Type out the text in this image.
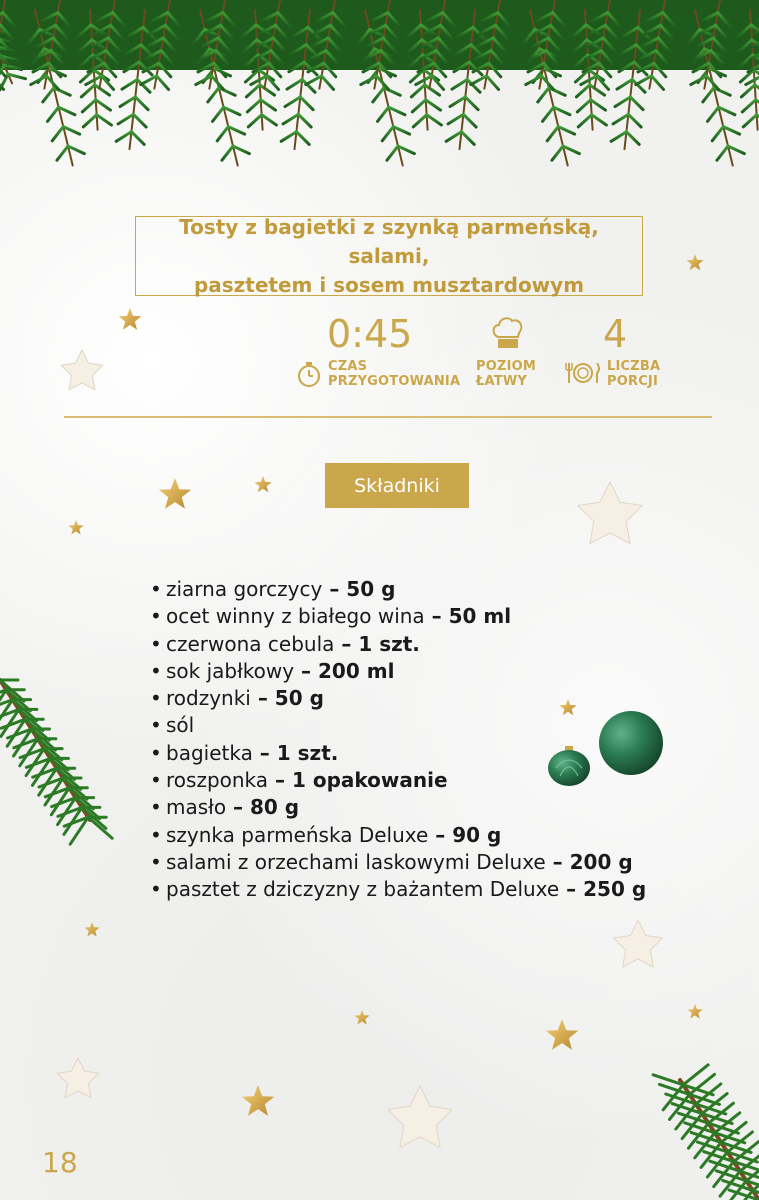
Tosty z bagietki z szynką parmeńską, salami,
pasztetem i sosem musztardowym
0:45
CZAS
PRZYGOTOWANIA
POZIOM
ŁATWY
4
LICZBA
PORCJI
Składniki
• ziarna gorczycy – 50 g
• ocet winny z białego wina – 50 ml
• czerwona cebula – 1 szt.
• sok jabłkowy – 200 ml
• rodzynki – 50 g
• sól
• bagietka – 1 szt.
• roszponka – 1 opakowanie
• masło – 80 g
• szynka parmeńska Deluxe – 90 g
• salami z orzechami laskowymi Deluxe – 200 g
• pasztet z dziczyzny z bażantem Deluxe – 250 g
18
